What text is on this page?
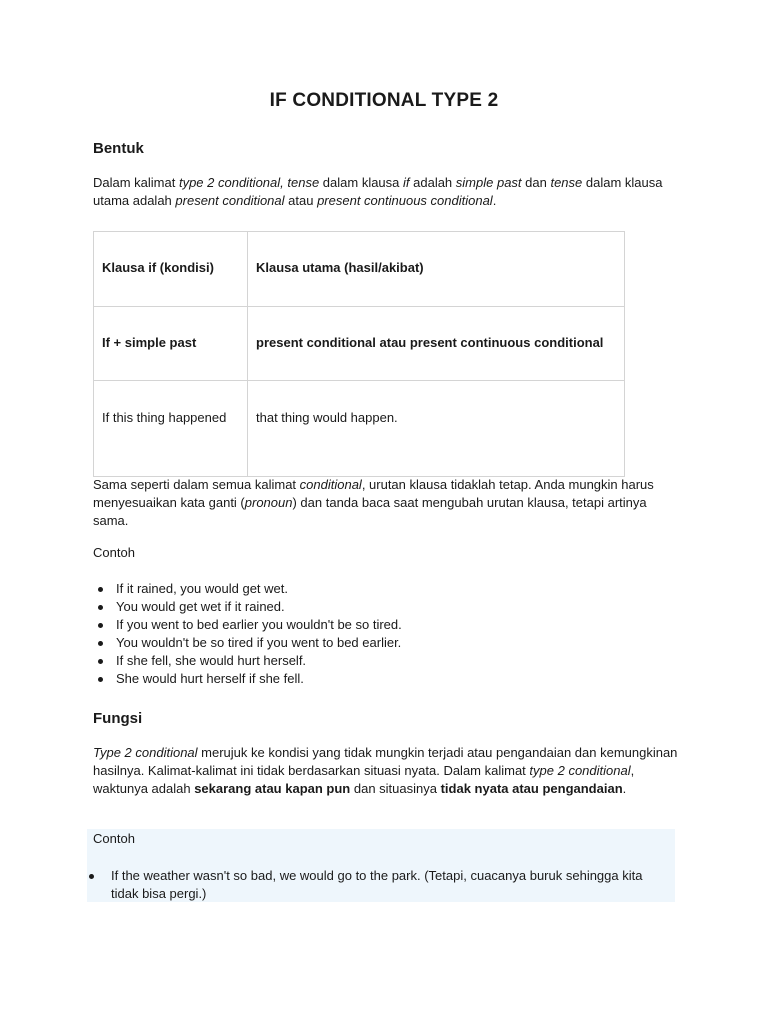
IF CONDITIONAL TYPE 2
Bentuk
Dalam kalimat type 2 conditional, tense dalam klausa if adalah simple past dan tense dalam klausa utama adalah present conditional atau present continuous conditional.
Klausa if (kondisi)	Klausa utama (hasil/akibat)

If + simple past	present conditional atau present continuous conditional

If this thing happened	that thing would happen.
Sama seperti dalam semua kalimat conditional, urutan klausa tidaklah tetap. Anda mungkin harus menyesuaikan kata ganti (pronoun) dan tanda baca saat mengubah urutan klausa, tetapi artinya sama.
Contoh
If it rained, you would get wet.
You would get wet if it rained.
If you went to bed earlier you wouldn't be so tired.
You wouldn't be so tired if you went to bed earlier.
If she fell, she would hurt herself.
She would hurt herself if she fell.
Fungsi
Type 2 conditional merujuk ke kondisi yang tidak mungkin terjadi atau pengandaian dan kemungkinan hasilnya. Kalimat-kalimat ini tidak berdasarkan situasi nyata. Dalam kalimat type 2 conditional, waktunya adalah sekarang atau kapan pun dan situasinya tidak nyata atau pengandaian.
Contoh
If the weather wasn't so bad, we would go to the park. (Tetapi, cuacanya buruk sehingga kita tidak bisa pergi.)
